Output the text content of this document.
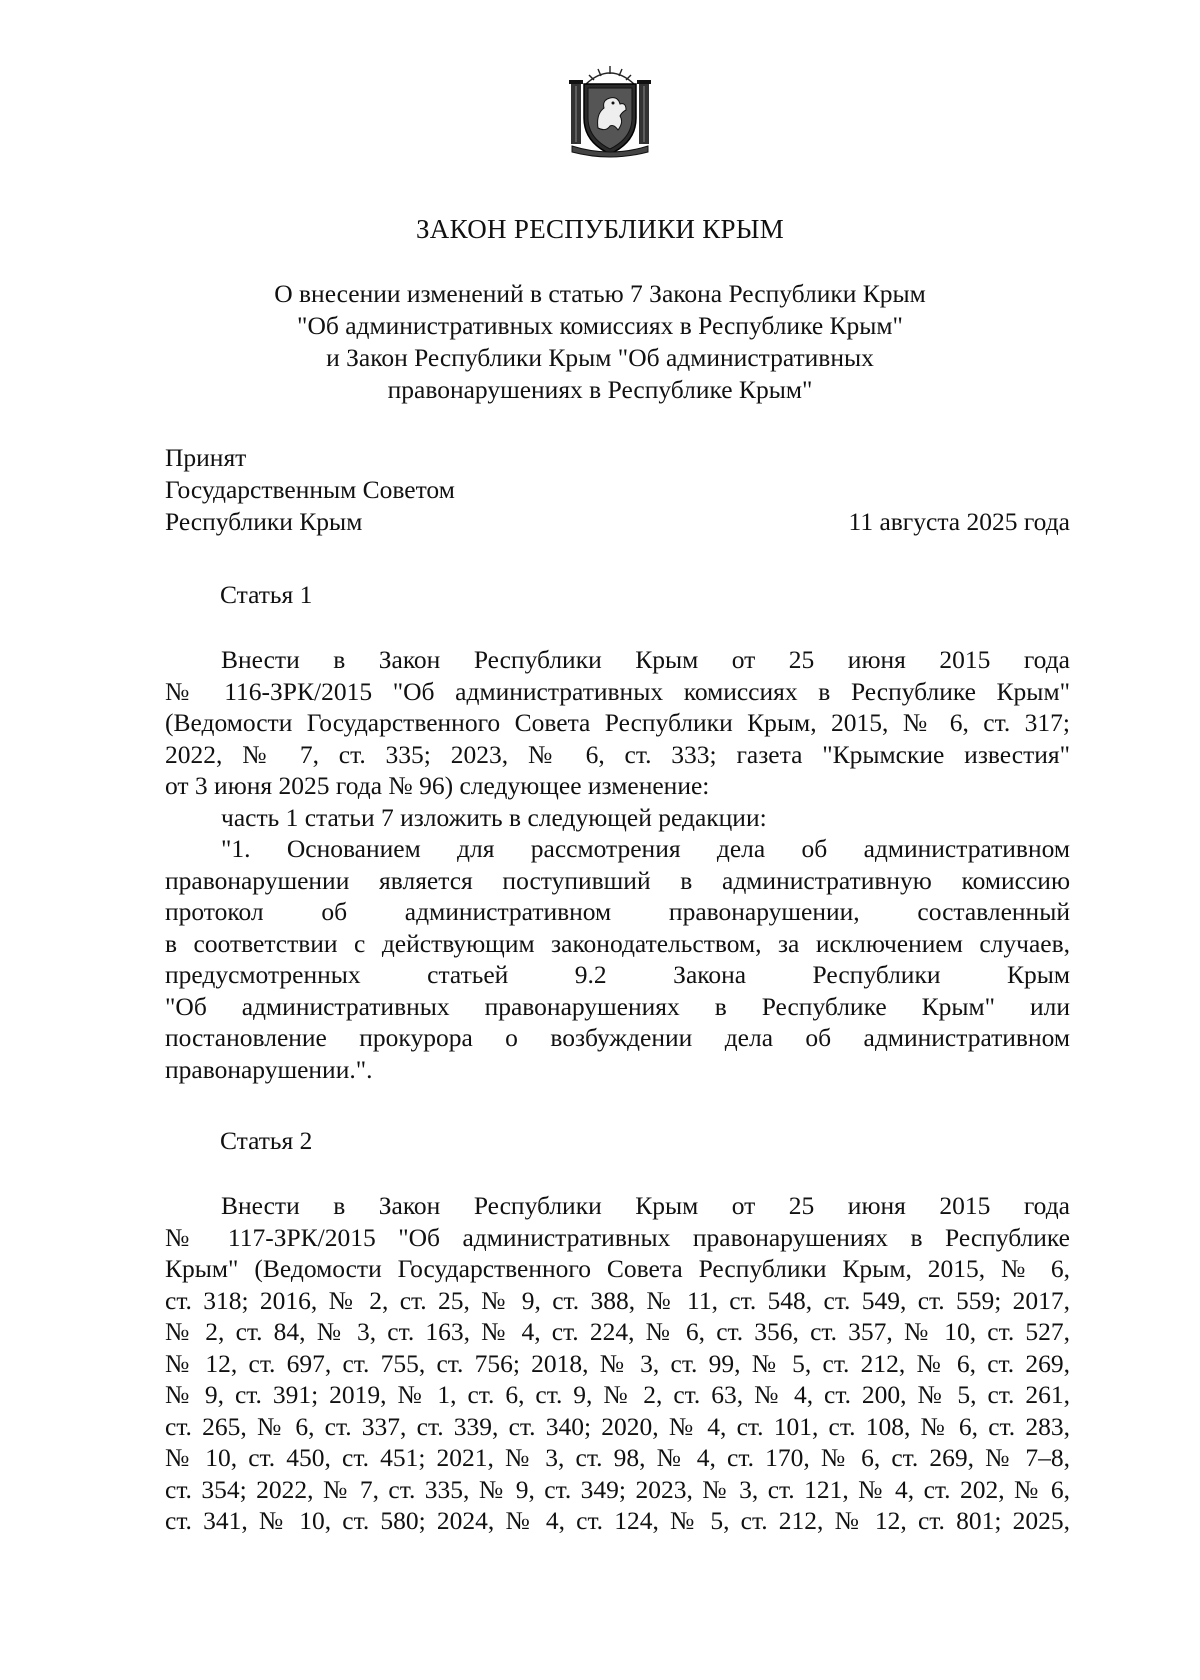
ЗАКОН РЕСПУБЛИКИ КРЫМ
О внесении изменений в статью 7 Закона Республики Крым
"Об административных комиссиях в Республике Крым"
и Закон Республики Крым "Об административных
правонарушениях в Республике Крым"
Принят
Государственным Советом
Республики Крым	11 августа 2025 года
Статья 1

Внести в Закон Республики Крым от 25 июня 2015 года

№ 116-ЗРК/2015 "Об административных комиссиях в Республике Крым"

(Ведомости Государственного Совета Республики Крым, 2015, № 6, ст. 317;

2022, № 7, ст. 335; 2023, № 6, ст. 333; газета "Крымские известия"

от 3 июня 2025 года № 96) следующее изменение:

часть 1 статьи 7 изложить в следующей редакции:

"1. Основанием для рассмотрения дела об административном

правонарушении является поступивший в административную комиссию

протокол об административном правонарушении, составленный

в соответствии с действующим законодательством, за исключением случаев,

предусмотренных статьей 9.2 Закона Республики Крым

"Об административных правонарушениях в Республике Крым" или

постановление прокурора о возбуждении дела об административном

правонарушении.".

Статья 2

Внести в Закон Республики Крым от 25 июня 2015 года

№ 117-ЗРК/2015 "Об административных правонарушениях в Республике

Крым" (Ведомости Государственного Совета Республики Крым, 2015, № 6,

ст. 318; 2016, № 2, ст. 25, № 9, ст. 388, № 11, ст. 548, ст. 549, ст. 559; 2017,

№ 2, ст. 84, № 3, ст. 163, № 4, ст. 224, № 6, ст. 356, ст. 357, № 10, ст. 527,

№ 12, ст. 697, ст. 755, ст. 756; 2018, № 3, ст. 99, № 5, ст. 212, № 6, ст. 269,

№ 9, ст. 391; 2019, № 1, ст. 6, ст. 9, № 2, ст. 63, № 4, ст. 200, № 5, ст. 261,

ст. 265, № 6, ст. 337, ст. 339, ст. 340; 2020, № 4, ст. 101, ст. 108, № 6, ст. 283,

№ 10, ст. 450, ст. 451; 2021, № 3, ст. 98, № 4, ст. 170, № 6, ст. 269, № 7–8,

ст. 354; 2022, № 7, ст. 335, № 9, ст. 349; 2023, № 3, ст. 121, № 4, ст. 202, № 6,

ст. 341, № 10, ст. 580; 2024, № 4, ст. 124, № 5, ст. 212, № 12, ст. 801; 2025,
